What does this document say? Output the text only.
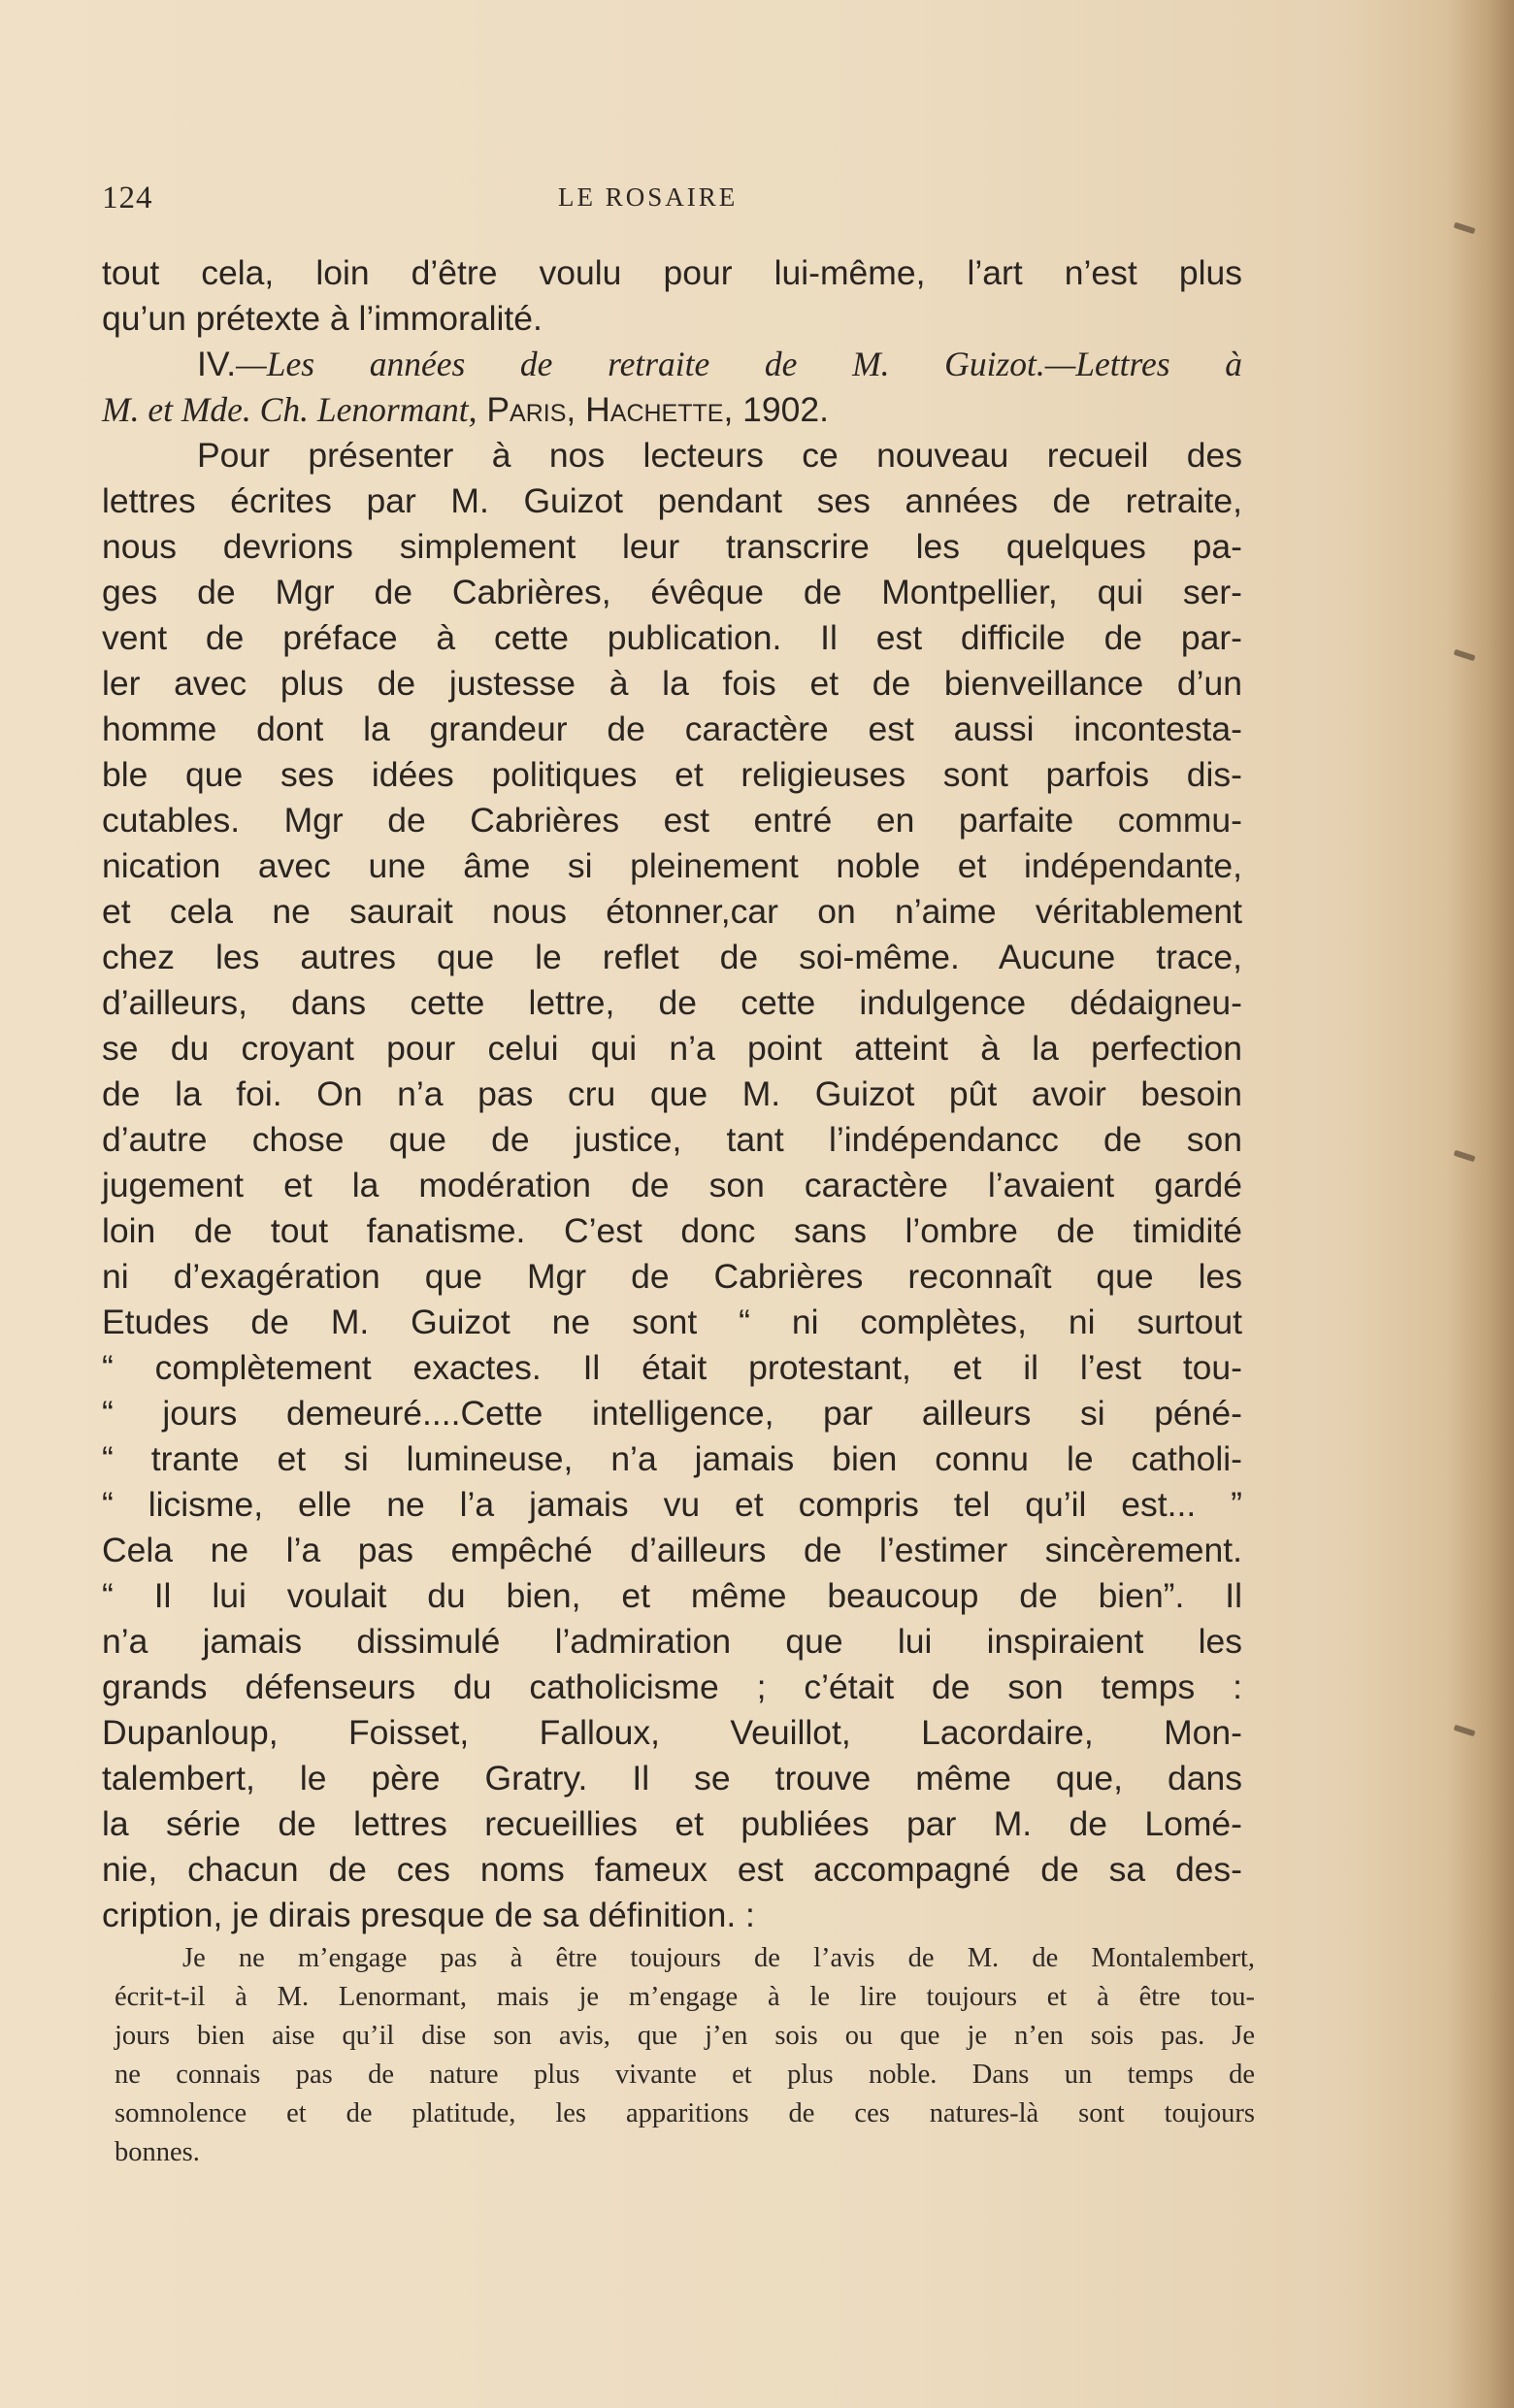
124	LE ROSAIRE
tout cela, loin d’être voulu pour lui-même, l’art n’est plus
qu’un prétexte à l’immoralité.
IV.—Les années de retraite de M. Guizot.—Lettres à
M. et Mde. Ch. Lenormant, Paris, Hachette, 1902.
Pour présenter à nos lecteurs ce nouveau recueil des
lettres écrites par M. Guizot pendant ses années de retraite,
nous devrions simplement leur transcrire les quelques pa-
ges de Mgr de Cabrières, évêque de Montpellier, qui ser-
vent de préface à cette publication. Il est difficile de par-
ler avec plus de justesse à la fois et de bienveillance d’un
homme dont la grandeur de caractère est aussi incontesta-
ble que ses idées politiques et religieuses sont parfois dis-
cutables. Mgr de Cabrières est entré en parfaite commu-
nication avec une âme si pleinement noble et indépendante,
et cela ne saurait nous étonner,car on n’aime véritablement
chez les autres que le reflet de soi-même. Aucune trace,
d’ailleurs, dans cette lettre, de cette indulgence dédaigneu-
se du croyant pour celui qui n’a point atteint à la perfection
de la foi. On n’a pas cru que M. Guizot pût avoir besoin
d’autre chose que de justice, tant l’indépendancc de son
jugement et la modération de son caractère l’avaient gardé
loin de tout fanatisme. C’est donc sans l’ombre de timidité
ni d’exagération que Mgr de Cabrières reconnaît que les
Etudes de M. Guizot ne sont “ ni complètes, ni surtout
“ complètement exactes. Il était protestant, et il l’est tou-
“ jours demeuré....Cette intelligence, par ailleurs si péné-
“ trante et si lumineuse, n’a jamais bien connu le catholi-
“ licisme, elle ne l’a jamais vu et compris tel qu’il est... ”
Cela ne l’a pas empêché d’ailleurs de l’estimer sincèrement.
“ Il lui voulait du bien, et même beaucoup de bien”. Il
n’a jamais dissimulé l’admiration que lui inspiraient les
grands défenseurs du catholicisme ; c’était de son temps :
Dupanloup, Foisset, Falloux, Veuillot, Lacordaire, Mon-
talembert, le père Gratry. Il se trouve même que, dans
la série de lettres recueillies et publiées par M. de Lomé-
nie, chacun de ces noms fameux est accompagné de sa des-
cription, je dirais presque de sa définition. :
Je ne m’engage pas à être toujours de l’avis de M. de Montalembert,
écrit-t-il à M. Lenormant, mais je m’engage à le lire toujours et à être tou-
jours bien aise qu’il dise son avis, que j’en sois ou que je n’en sois pas. Je
ne connais pas de nature plus vivante et plus noble. Dans un temps de
somnolence et de platitude, les apparitions de ces natures-là sont toujours
bonnes.
